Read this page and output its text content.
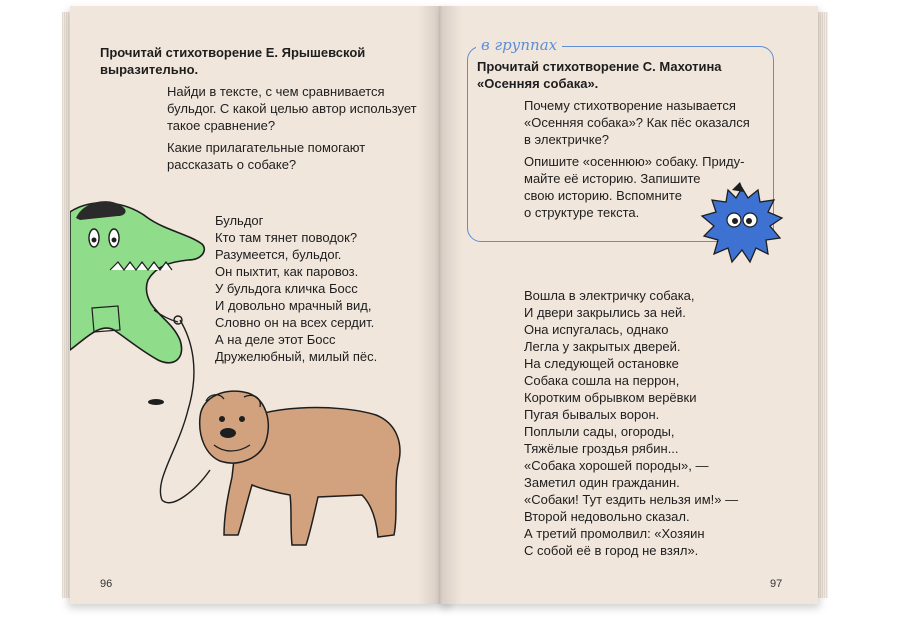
Прочитай стихотворение Е. Ярышевской
выразительно.
Найди в тексте, с чем сравнивается
бульдог. С какой целью автор использует
такое сравнение?
Какие прилагательные помогают
рассказать о собаке?
Бульдог
Кто там тянет поводок?
Разумеется, бульдог.
Он пыхтит, как паровоз.
У бульдога кличка Босс
И довольно мрачный вид,
Словно он на всех сердит.
А на деле этот Босс
Дружелюбный, милый пёс.
96
в группах
Прочитай стихотворение С. Махотина
«Осенняя собака».
Почему стихотворение называется
«Осенняя собака»? Как пёс оказался
в электричке?
Опишите «осеннюю» собаку. Приду-
майте её историю. Запишите
свою историю. Вспомните
о структуре текста.
Вошла в электричку собака,
И двери закрылись за ней.
Она испугалась, однако
Легла у закрытых дверей.
На следующей остановке
Собака сошла на перрон,
Коротким обрывком верёвки
Пугая бывалых ворон.
Поплыли сады, огороды,
Тяжёлые гроздья рябин...
«Собака хорошей породы», —
Заметил один гражданин.
«Собаки! Тут ездить нельзя им!» —
Второй недовольно сказал.
А третий промолвил: «Хозяин
С собой её в город не взял».
97
